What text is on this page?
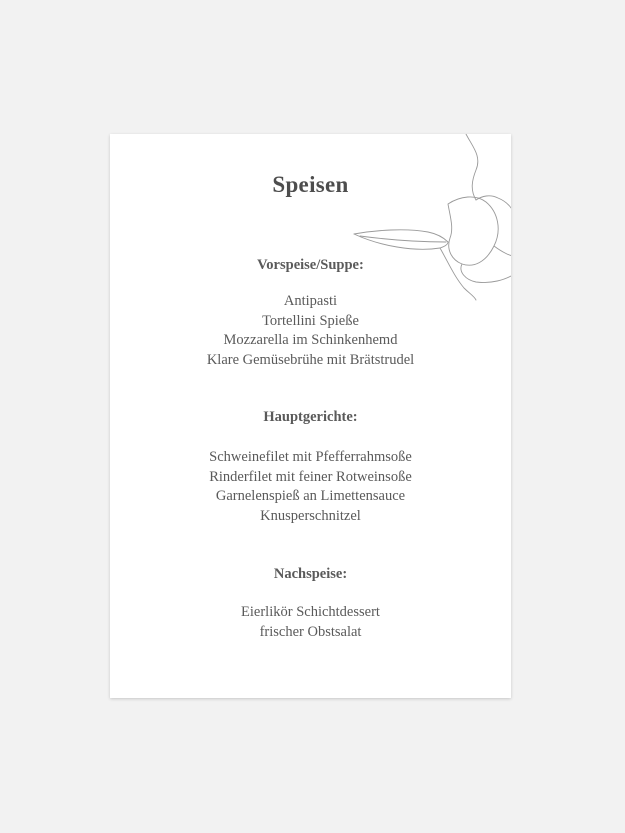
Speisen
Vorspeise/Suppe:
Antipasti
Tortellini Spieße
Mozzarella im Schinkenhemd
Klare Gemüsebrühe mit Brätstrudel
Hauptgerichte:
Schweinefilet mit Pfefferrahmsoße
Rinderfilet mit feiner Rotweinsoße
Garnelenspieß an Limettensauce
Knusperschnitzel
Nachspeise:
Eierlikör Schichtdessert
frischer Obstsalat
